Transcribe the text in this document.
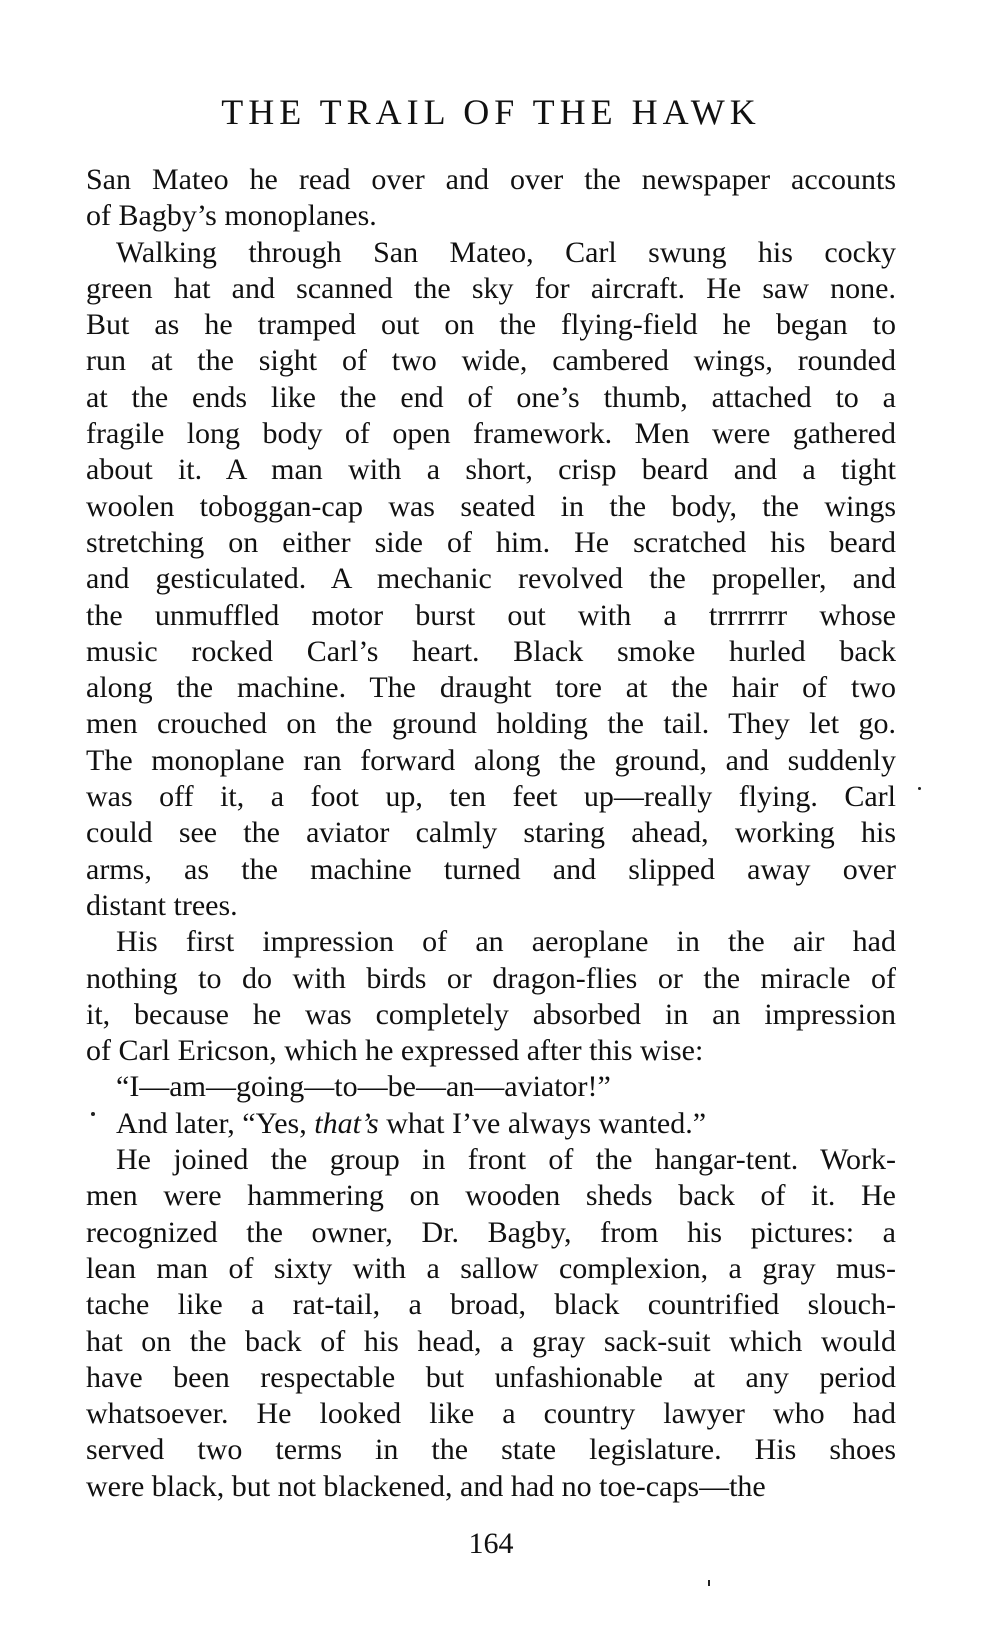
THE TRAIL OF THE HAWK
San Mateo he read over and over the newspaper accounts
of Bagby’s monoplanes.
Walking through San Mateo, Carl swung his cocky
green hat and scanned the sky for aircraft. He saw none.
But as he tramped out on the flying-field he began to
run at the sight of two wide, cambered wings, rounded
at the ends like the end of one’s thumb, attached to a
fragile long body of open framework. Men were gathered
about it. A man with a short, crisp beard and a tight
woolen toboggan-cap was seated in the body, the wings
stretching on either side of him. He scratched his beard
and gesticulated. A mechanic revolved the propeller, and
the unmuffled motor burst out with a trrrrrrr whose
music rocked Carl’s heart. Black smoke hurled back
along the machine. The draught tore at the hair of two
men crouched on the ground holding the tail. They let go.
The monoplane ran forward along the ground, and suddenly
was off it, a foot up, ten feet up—really flying. Carl
could see the aviator calmly staring ahead, working his
arms, as the machine turned and slipped away over
distant trees.
His first impression of an aeroplane in the air had
nothing to do with birds or dragon-flies or the miracle of
it, because he was completely absorbed in an impression
of Carl Ericson, which he expressed after this wise:
“I—am—going—to—be—an—aviator!”
And later, “Yes, that’s what I’ve always wanted.”
He joined the group in front of the hangar-tent. Work-
men were hammering on wooden sheds back of it. He
recognized the owner, Dr. Bagby, from his pictures: a
lean man of sixty with a sallow complexion, a gray mus-
tache like a rat-tail, a broad, black countrified slouch-
hat on the back of his head, a gray sack-suit which would
have been respectable but unfashionable at any period
whatsoever. He looked like a country lawyer who had
served two terms in the state legislature. His shoes
were black, but not blackened, and had no toe-caps—the
164
